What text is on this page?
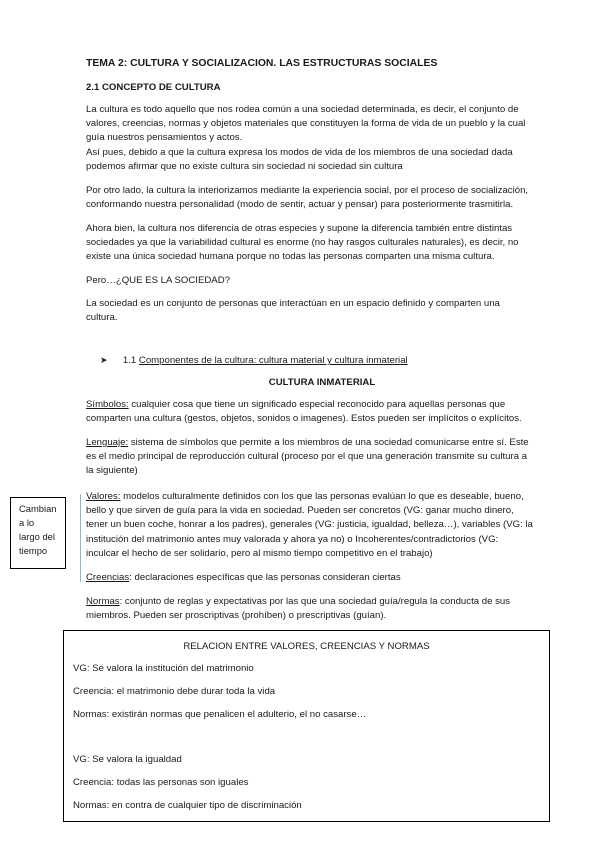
TEMA 2: CULTURA Y SOCIALIZACION. LAS ESTRUCTURAS SOCIALES
2.1 CONCEPTO DE CULTURA
La cultura es todo aquello que nos rodea común a una sociedad determinada, es decir, el conjunto de
valores, creencias, normas y objetos materiales que constituyen la forma de vida de un pueblo y la cual
guía nuestros pensamientos y actos.
Así pues, debido a que la cultura expresa los modos de vida de los miembros de una sociedad dada
podemos afirmar que no existe cultura sin sociedad ni sociedad sin cultura
Por otro lado, la cultura la interiorizamos mediante la experiencia social, por el proceso de socialización,
conformando nuestra personalidad (modo de sentir, actuar y pensar) para posteriormente trasmitirla.
Ahora bien, la cultura nos diferencia de otras especies y supone la diferencia también entre distintas
sociedades ya que la variabilidad cultural es enorme (no hay rasgos culturales naturales), es decir, no
existe una única sociedad humana porque no todas las personas comparten una misma cultura.
Pero…¿QUE ES LA SOCIEDAD?
La sociedad es un conjunto de personas que interactúan en un espacio definido y comparten una
cultura.
➤ 1.1 Componentes de la cultura: cultura material y cultura inmaterial
CULTURA INMATERIAL
Símbolos: cualquier cosa que tiene un significado especial reconocido para aquellas personas que
comparten una cultura (gestos, objetos, sonidos o imagenes). Estos pueden ser implícitos o explícitos.
Lenguaje: sistema de símbolos que permite a los miembros de una sociedad comunicarse entre sí. Este
es el medio principal de reproducción cultural (proceso por el que una generación transmite su cultura a
la siguiente)
Cambian
a lo
largo del
tiempo
Valores: modelos culturalmente definidos con los que las personas evalúan lo que es deseable, bueno,
bello y que sirven de guía para la vida en sociedad. Pueden ser concretos (VG: ganar mucho dinero,
tener un buen coche, honrar a los padres), generales (VG: justicia, igualdad, belleza…), variables (VG: la
institución del matrimonio antes muy valorada y ahora ya no) o Incoherentes/contradictorios (VG:
inculcar el hecho de ser solidario, pero al mismo tiempo competitivo en el trabajo)
Creencias: declaraciones específicas que las personas consideran ciertas
Normas: conjunto de reglas y expectativas por las que una sociedad guía/regula la conducta de sus
miembros. Pueden ser proscriptivas (prohíben) o prescriptivas (guían).
RELACION ENTRE VALORES, CREENCIAS Y NORMAS
VG: Se valora la institución del matrimonio
Creencia: el matrimonio debe durar toda la vida
Normas: existirán normas que penalicen el adulterio, el no casarse…
VG: Se valora la igualdad
Creencia: todas las personas son iguales
Normas: en contra de cualquier tipo de discriminación
